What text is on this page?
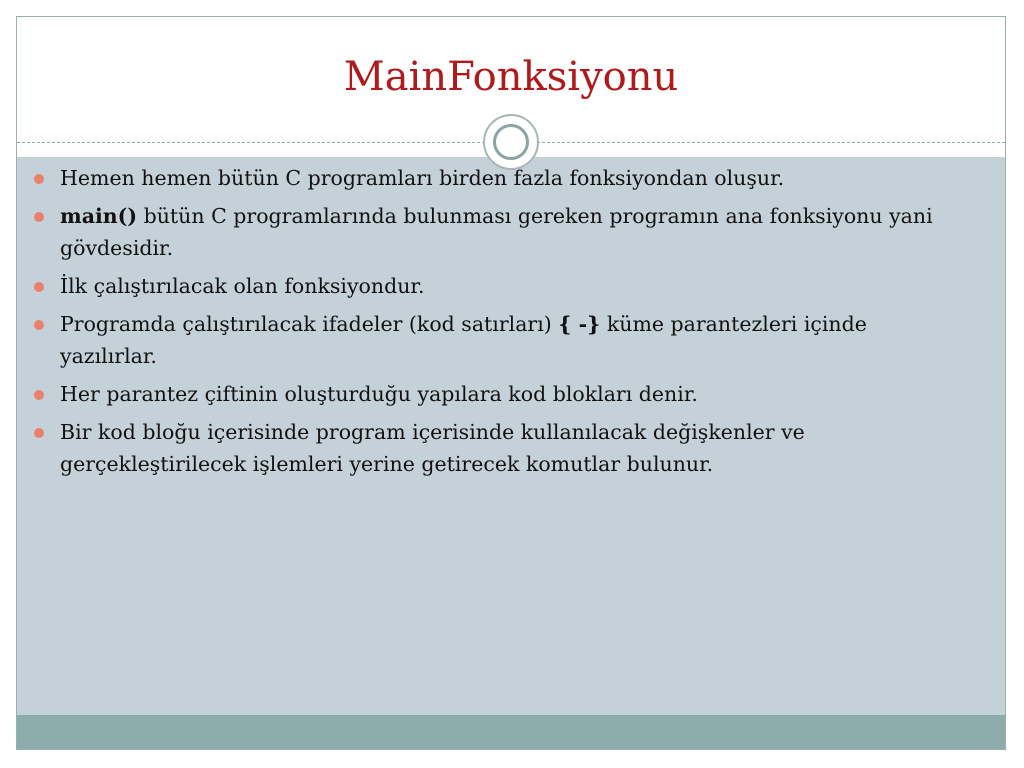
MainFonksiyonu
Hemen hemen bütün C programları birden fazla fonksiyondan oluşur.
main() bütün C programlarında bulunması gereken programın ana fonksiyonu yani gövdesidir.
İlk çalıştırılacak olan fonksiyondur.
Programda çalıştırılacak ifadeler (kod satırları) { -} küme parantezleri içinde yazılırlar.
Her parantez çiftinin oluşturduğu yapılara kod blokları denir.
Bir kod bloğu içerisinde program içerisinde kullanılacak değişkenler ve gerçekleştirilecek işlemleri yerine getirecek komutlar bulunur.
